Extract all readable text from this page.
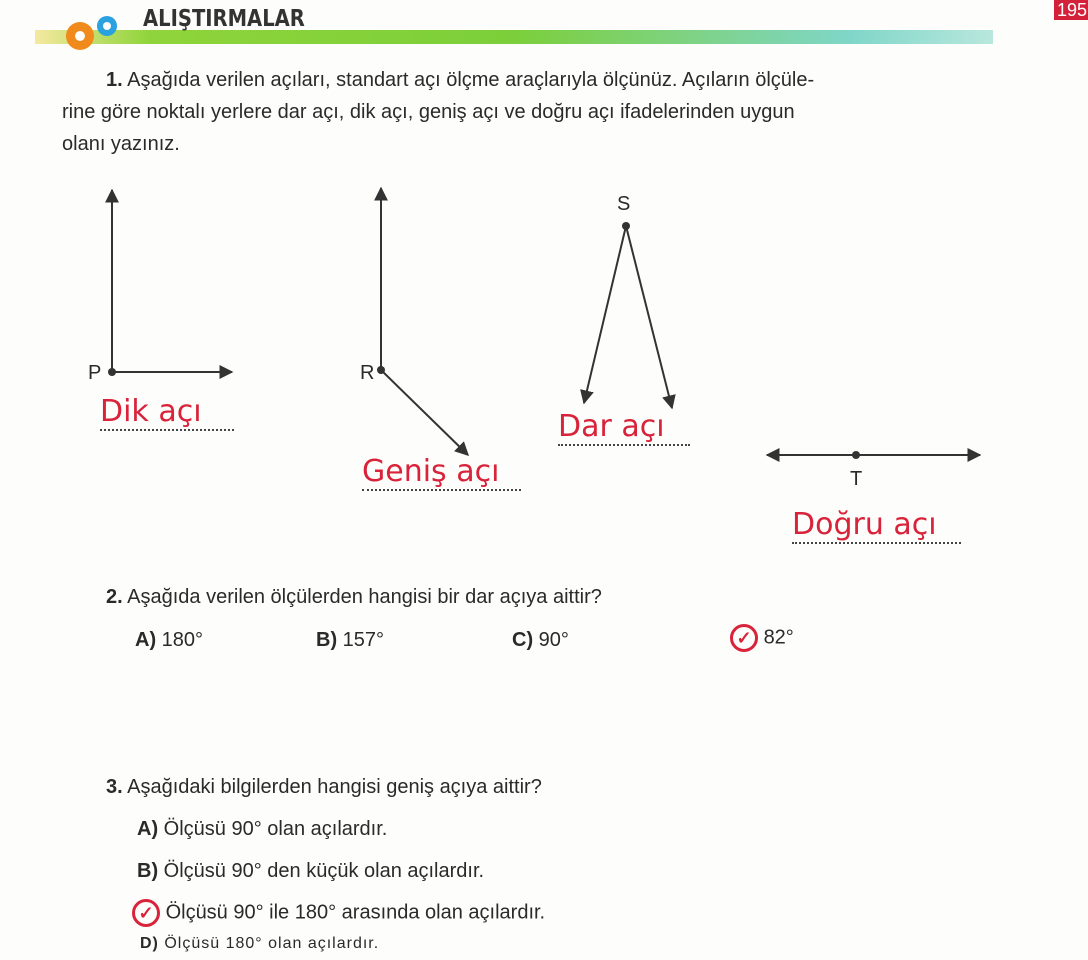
ALIŞTIRMALAR	195
1. Aşağıda verilen açıları, standart açı ölçme araçlarıyla ölçünüz. Açıların ölçüle-
rine göre noktalı yerlere dar açı, dik açı, geniş açı ve doğru açı ifadelerinden uygun
olanı yazınız.
P	R
S
T
Dik açı
Geniş açı
Dar açı
Doğru açı
2. Aşağıda verilen ölçülerden hangisi bir dar açıya aittir?
A) 180°	B) 157°	C) 90°	✓ 82°
3. Aşağıdaki bilgilerden hangisi geniş açıya aittir?
A) Ölçüsü 90° olan açılardır.
B) Ölçüsü 90° den küçük olan açılardır.
✓ Ölçüsü 90° ile 180° arasında olan açılardır.
D) Ölçüsü 180° olan açılardır.
